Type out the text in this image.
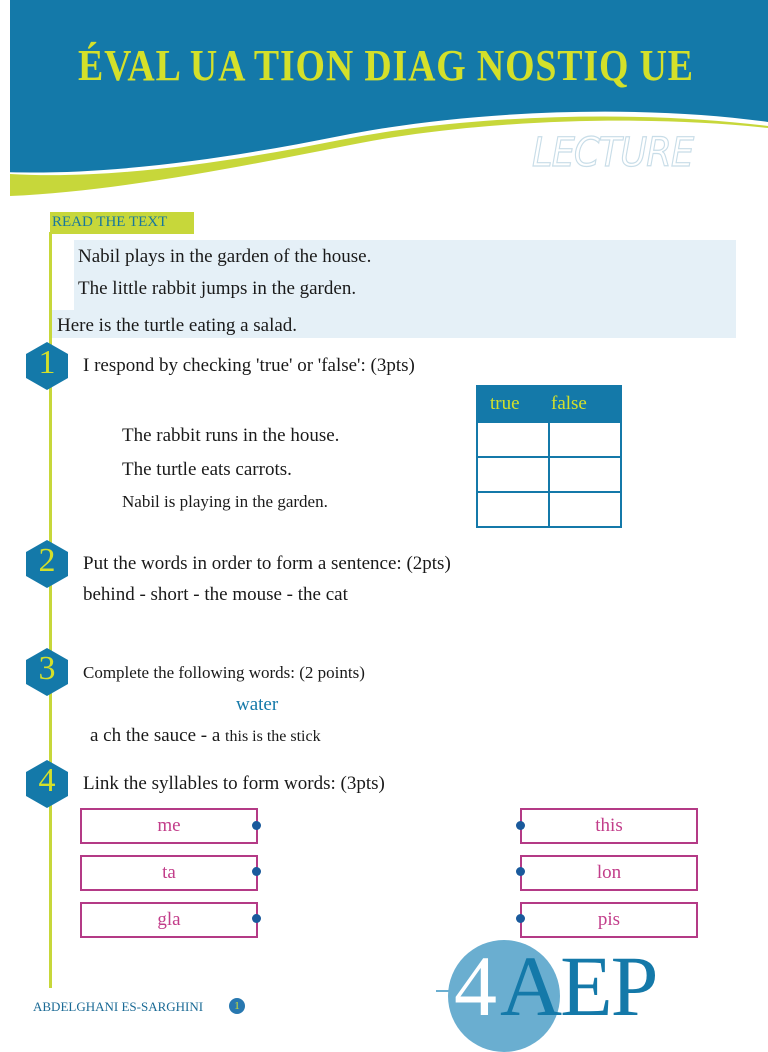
ÉVAL UA TION DIAG NOSTIQ UE
LECTURE
READ THE TEXT
Nabil plays in the garden of the house.
The little rabbit jumps in the garden.
Here is the turtle eating a salad.
1	I respond by checking 'true' or 'false': (3pts)
true	false

The rabbit runs in the house.
The turtle eats carrots.
Nabil is playing in the garden.
2	Put the words in order to form a sentence: (2pts)
behind - short - the mouse - the cat
3	Complete the following words: (2 points)
water
a ch the sauce - a this is the stick
4	Link the syllables to form words: (3pts)
me
ta
gla
this
lon
pis
ABDELGHANI ES-SARGHINI	1 4 AEP
